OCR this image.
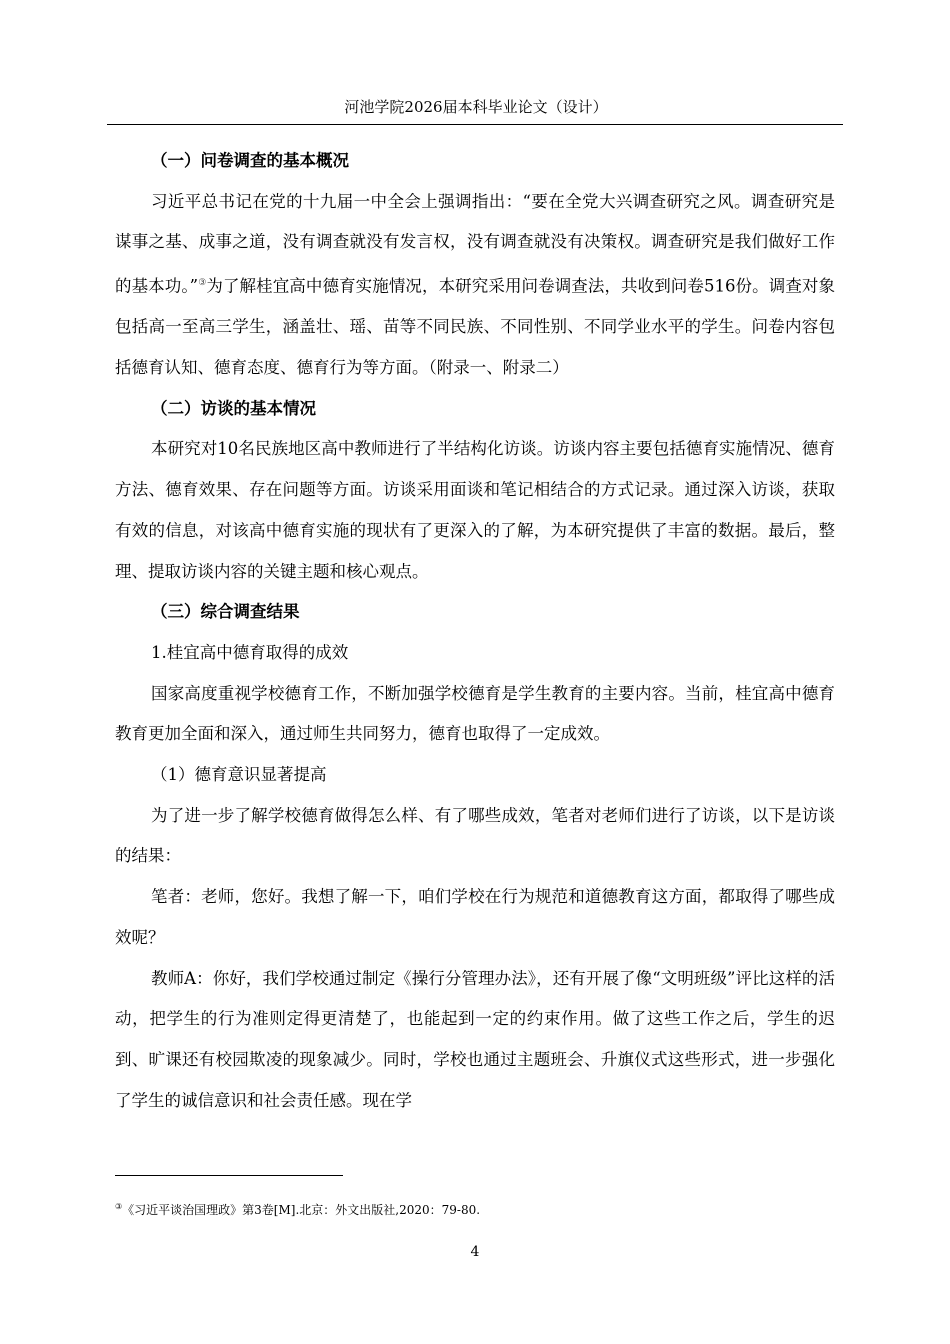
河池学院2026届本科毕业论文（设计）

（一）问卷调查的基本概况

习近平总书记在党的十九届一中全会上强调指出：“要在全党大兴调查研究之风。调查研究是谋事之基、成事之道，没有调查就没有发言权，没有调查就没有决策权。调查研究是我们做好工作的基本功。”③为了解桂宜高中德育实施情况，本研究采用问卷调查法，共收到问卷516份。调查对象包括高一至高三学生，涵盖壮、瑶、苗等不同民族、不同性别、不同学业水平的学生。问卷内容包括德育认知、德育态度、德育行为等方面。（附录一、附录二）

（二）访谈的基本情况

本研究对10名民族地区高中教师进行了半结构化访谈。访谈内容主要包括德育实施情况、德育方法、德育效果、存在问题等方面。访谈采用面谈和笔记相结合的方式记录。通过深入访谈，获取有效的信息，对该高中德育实施的现状有了更深入的了解，为本研究提供了丰富的数据。最后，整理、提取访谈内容的关键主题和核心观点。

（三）综合调查结果

1.桂宜高中德育取得的成效

国家高度重视学校德育工作，不断加强学校德育是学生教育的主要内容。当前，桂宜高中德育教育更加全面和深入，通过师生共同努力，德育也取得了一定成效。

（1）德育意识显著提高

为了进一步了解学校德育做得怎么样、有了哪些成效，笔者对老师们进行了访谈，以下是访谈的结果：

笔者：老师，您好。我想了解一下，咱们学校在行为规范和道德教育这方面，都取得了哪些成效呢？

教师A：你好，我们学校通过制定《操行分管理办法》，还有开展了像“文明班级”评比这样的活动，把学生的行为准则定得更清楚了，也能起到一定的约束作用。做了这些工作之后，学生的迟到、旷课还有校园欺凌的现象减少。同时，学校也通过主题班会、升旗仪式这些形式，进一步强化了学生的诚信意识和社会责任感。现在学

③《习近平谈治国理政》第3卷[M].北京：外文出版社,2020：79-80.
4
